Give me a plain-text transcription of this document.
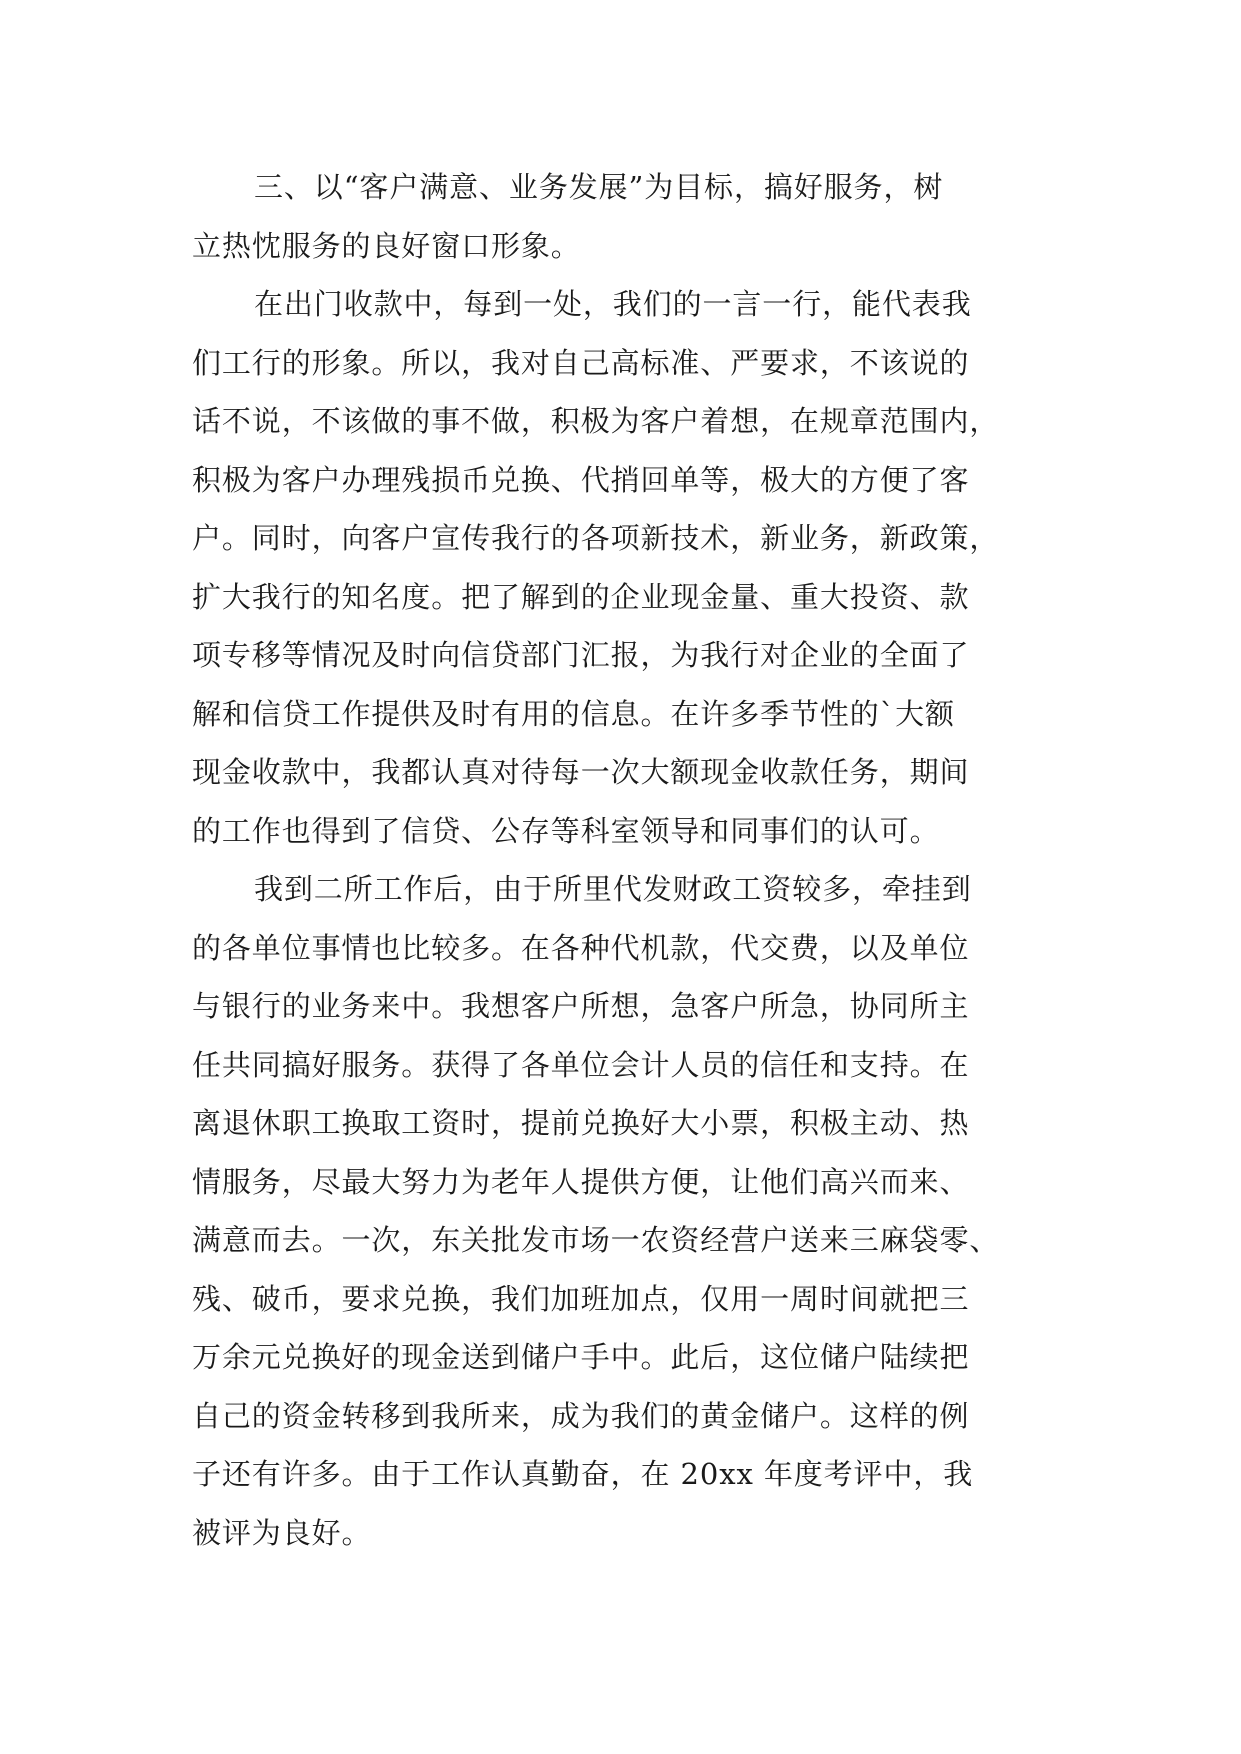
三、以“客户满意、业务发展”为目标，搞好服务，树
立热忱服务的良好窗口形象。
在出门收款中，每到一处，我们的一言一行，能代表我
们工行的形象。所以，我对自己高标准、严要求，不该说的
话不说，不该做的事不做，积极为客户着想，在规章范围内，
积极为客户办理残损币兑换、代捎回单等，极大的方便了客
户。同时，向客户宣传我行的各项新技术，新业务，新政策，
扩大我行的知名度。把了解到的企业现金量、重大投资、款
项专移等情况及时向信贷部门汇报，为我行对企业的全面了
解和信贷工作提供及时有用的信息。在许多季节性的`大额
现金收款中，我都认真对待每一次大额现金收款任务，期间
的工作也得到了信贷、公存等科室领导和同事们的认可。
我到二所工作后，由于所里代发财政工资较多，牵挂到
的各单位事情也比较多。在各种代机款，代交费，以及单位
与银行的业务来中。我想客户所想，急客户所急，协同所主
任共同搞好服务。获得了各单位会计人员的信任和支持。在
离退休职工换取工资时，提前兑换好大小票，积极主动、热
情服务，尽最大努力为老年人提供方便，让他们高兴而来、
满意而去。一次，东关批发市场一农资经营户送来三麻袋零、
残、破币，要求兑换，我们加班加点，仅用一周时间就把三
万余元兑换好的现金送到储户手中。此后，这位储户陆续把
自己的资金转移到我所来，成为我们的黄金储户。这样的例
子还有许多。由于工作认真勤奋，在 20xx 年度考评中，我
被评为良好。
